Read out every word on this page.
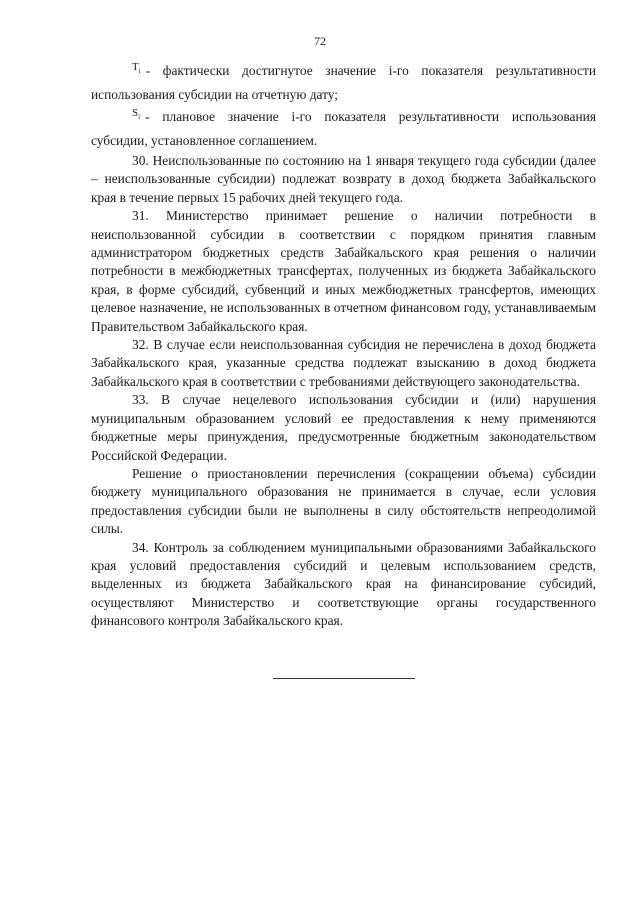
72

$T_i$ - фактически достигнутое значение i-го показателя результативности использования субсидии на отчетную дату;

$S_i$ - плановое значение i-го показателя результативности использования субсидии, установленное соглашением.

30. Неиспользованные по состоянию на 1 января текущего года субсидии (далее – неиспользованные субсидии) подлежат возврату в доход бюджета Забайкальского края в течение первых 15 рабочих дней текущего года.

31. Министерство принимает решение о наличии потребности в неиспользованной субсидии в соответствии с порядком принятия главным администратором бюджетных средств Забайкальского края решения о наличии потребности в межбюджетных трансфертах, полученных из бюджета Забайкальского края, в форме субсидий, субвенций и иных межбюджетных трансфертов, имеющих целевое назначение, не использованных в отчетном финансовом году, устанавливаемым Правительством Забайкальского края.

32. В случае если неиспользованная субсидия не перечислена в доход бюджета Забайкальского края, указанные средства подлежат взысканию в доход бюджета Забайкальского края в соответствии с требованиями действующего законодательства.

33. В случае нецелевого использования субсидии и (или) нарушения муниципальным образованием условий ее предоставления к нему применяются бюджетные меры принуждения, предусмотренные бюджетным законодательством Российской Федерации.

Решение о приостановлении перечисления (сокращении объема) субсидии бюджету муниципального образования не принимается в случае, если условия предоставления субсидии были не выполнены в силу обстоятельств непреодолимой силы.

34. Контроль за соблюдением муниципальными образованиями Забайкальского края условий предоставления субсидий и целевым использованием средств, выделенных из бюджета Забайкальского края на финансирование субсидий, осуществляют Министерство и соответствующие органы государственного финансового контроля Забайкальского края.
